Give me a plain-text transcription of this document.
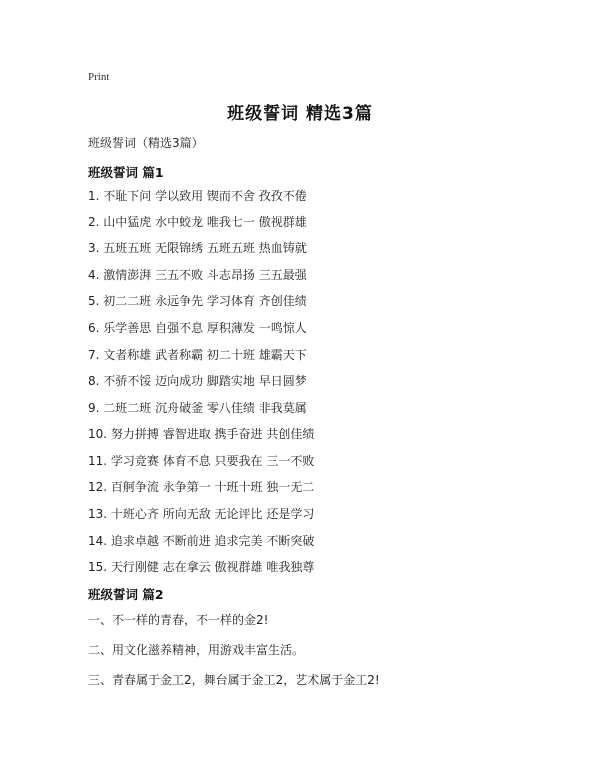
Print
班级誓词 精选3篇
班级誓词（精选3篇）
班级誓词 篇1
1. 不耻下问 学以致用 锲而不舍 孜孜不倦
2. 山中猛虎 水中蛟龙 唯我七一 傲视群雄
3. 五班五班 无限锦绣 五班五班 热血铸就
4. 激情澎湃 三五不败 斗志昂扬 三五最强
5. 初二二班 永远争先 学习体育 齐创佳绩
6. 乐学善思 自强不息 厚积薄发 一鸣惊人
7. 文者称雄 武者称霸 初二十班 雄霸天下
8. 不骄不馁 迈向成功 脚踏实地 早日圆梦
9. 二班二班 沉舟破釜 零八佳绩 非我莫属
10. 努力拼搏 睿智进取 携手奋进 共创佳绩
11. 学习竞赛 体育不息 只要我在 三一不败
12. 百舸争流 永争第一 十班十班 独一无二
13. 十班心齐 所向无敌 无论评比 还是学习
14. 追求卓越 不断前进 追求完美 不断突破
15. 天行刚健 志在拿云 傲视群雄 唯我独尊
班级誓词 篇2
一、不一样的青春，不一样的金2!
二、用文化滋养精神，用游戏丰富生活。
三、青春属于金工2，舞台属于金工2，艺术属于金工2!
